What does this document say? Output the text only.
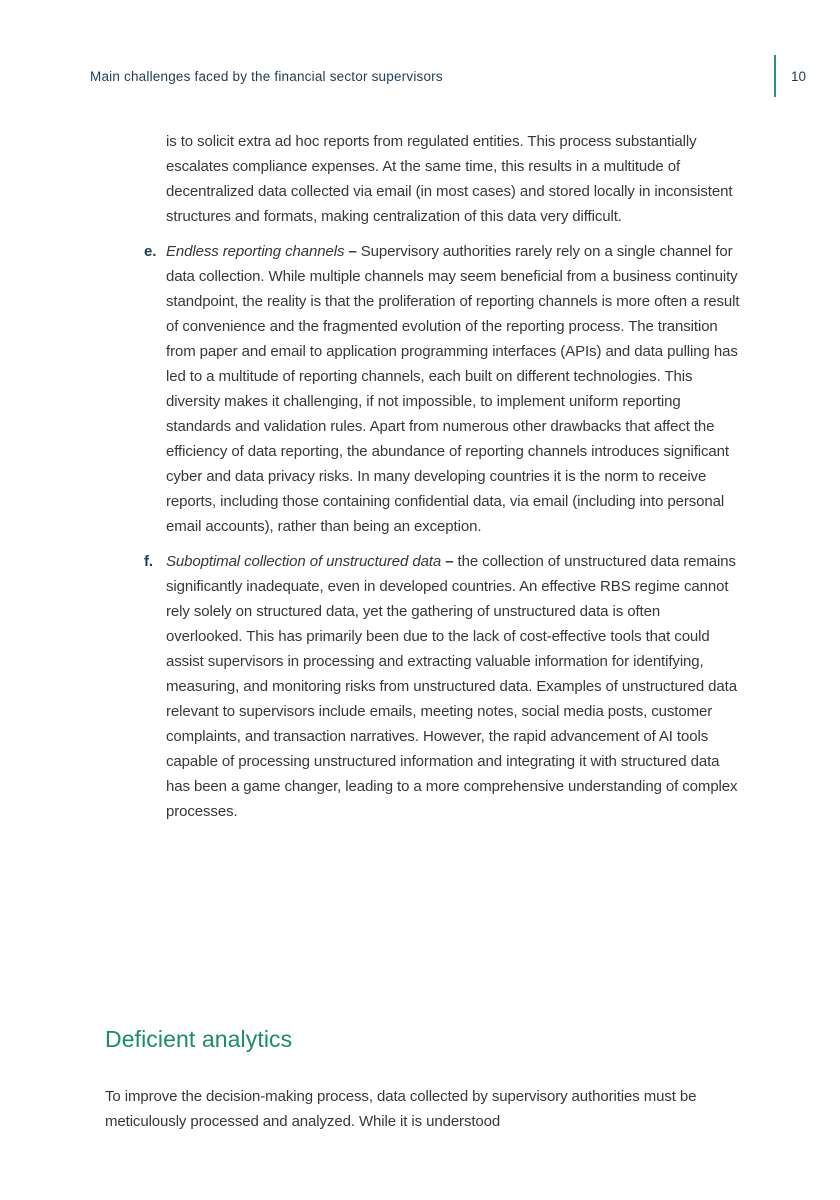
Main challenges faced by the financial sector supervisors	10

is to solicit extra ad hoc reports from regulated entities. This process substantially escalates compliance expenses. At the same time, this results in a multitude of decentralized data collected via email (in most cases) and stored locally in inconsistent structures and formats, making centralization of this data very difficult.

e. Endless reporting channels – Supervisory authorities rarely rely on a single channel for data collection. While multiple channels may seem beneficial from a business continuity standpoint, the reality is that the proliferation of reporting channels is more often a result of convenience and the fragmented evolution of the reporting process. The transition from paper and email to application programming interfaces (APIs) and data pulling has led to a multitude of reporting channels, each built on different technologies. This diversity makes it challenging, if not impossible, to implement uniform reporting standards and validation rules. Apart from numerous other drawbacks that affect the efficiency of data reporting, the abundance of reporting channels introduces significant cyber and data privacy risks. In many developing countries it is the norm to receive reports, including those containing confidential data, via email (including into personal email accounts), rather than being an exception.
f. Suboptimal collection of unstructured data – the collection of unstructured data remains significantly inadequate, even in developed countries. An effective RBS regime cannot rely solely on structured data, yet the gathering of unstructured data is often overlooked. This has primarily been due to the lack of cost-effective tools that could assist supervisors in processing and extracting valuable information for identifying, measuring, and monitoring risks from unstructured data. Examples of unstructured data relevant to supervisors include emails, meeting notes, social media posts, customer complaints, and transaction narratives. However, the rapid advancement of AI tools capable of processing unstructured information and integrating it with structured data has been a game changer, leading to a more comprehensive understanding of complex processes.
Deficient analytics

To improve the decision-making process, data collected by supervisory authorities must be meticulously processed and analyzed. While it is understood
